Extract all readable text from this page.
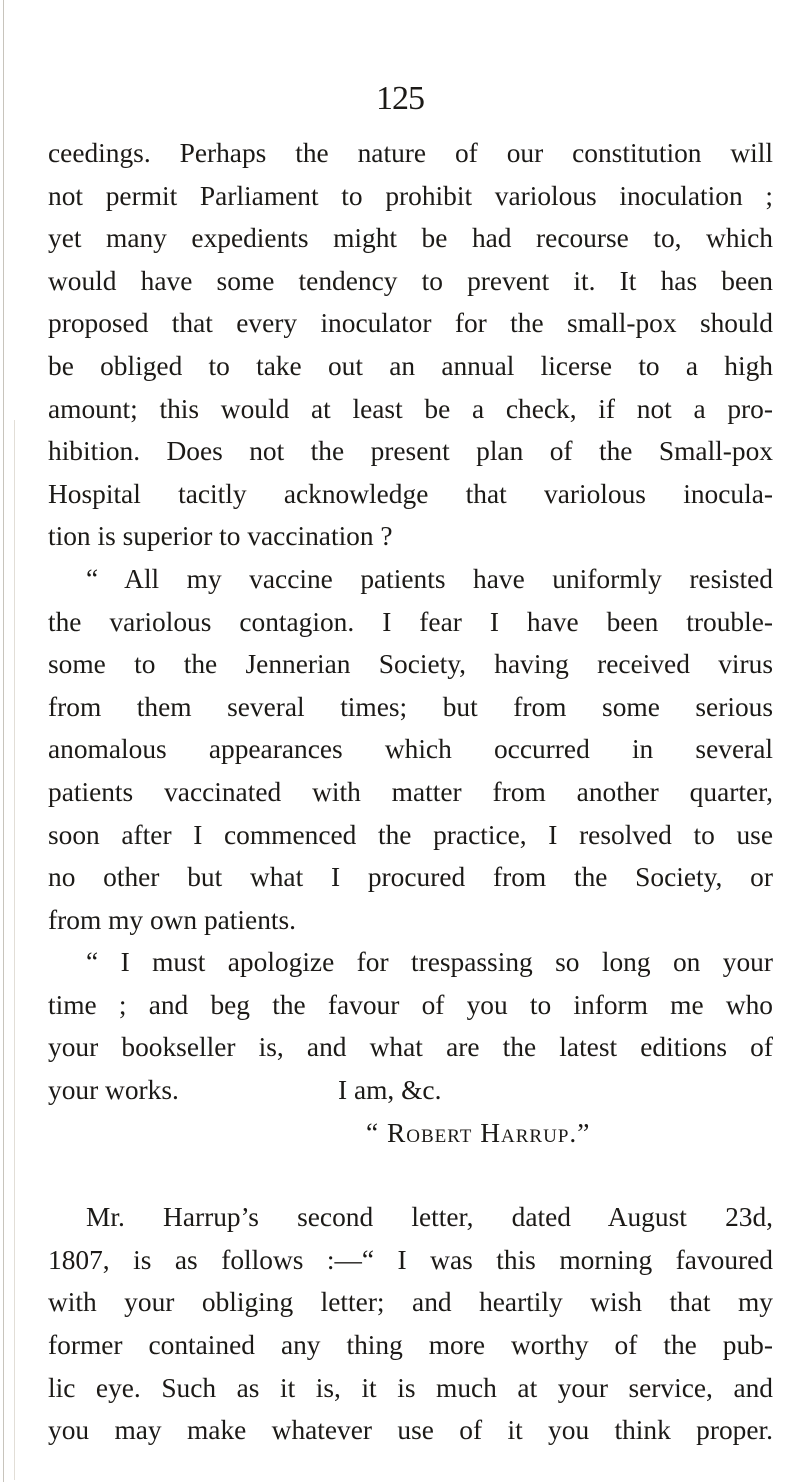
125
ceedings. Perhaps the nature of our constitution will
not permit Parliament to prohibit variolous inoculation ;
yet many expedients might be had recourse to, which
would have some tendency to prevent it. It has been
proposed that every inoculator for the small-pox should
be obliged to take out an annual licerse to a high
amount; this would at least be a check, if not a pro-
hibition. Does not the present plan of the Small-pox
Hospital tacitly acknowledge that variolous inocula-
tion is superior to vaccination ?
“ All my vaccine patients have uniformly resisted
the variolous contagion. I fear I have been trouble-
some to the Jennerian Society, having received virus
from them several times; but from some serious
anomalous appearances which occurred in several
patients vaccinated with matter from another quarter,
soon after I commenced the practice, I resolved to use
no other but what I procured from the Society, or
from my own patients.
“ I must apologize for trespassing so long on your
time ; and beg the favour of you to inform me who
your bookseller is, and what are the latest editions of
your works.	I am, &c.
“ Robert Harrup.”
Mr. Harrup’s second letter, dated August 23d,
1807, is as follows :—“ I was this morning favoured
with your obliging letter; and heartily wish that my
former contained any thing more worthy of the pub-
lic eye. Such as it is, it is much at your service, and
you may make whatever use of it you think proper.
